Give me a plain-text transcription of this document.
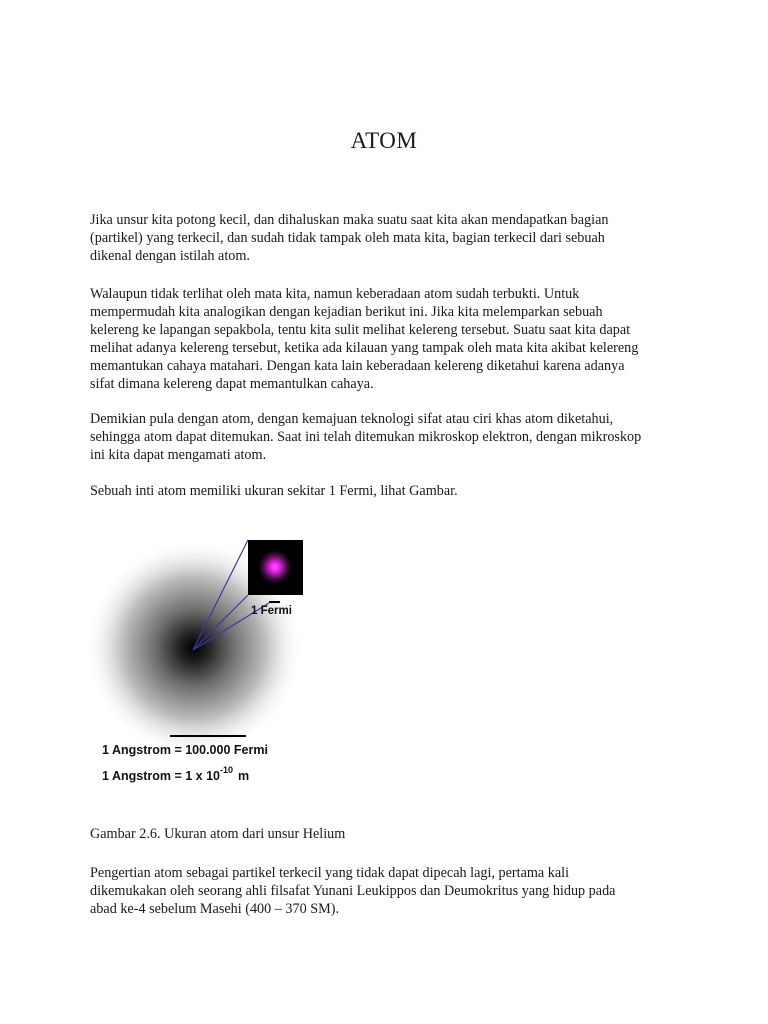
ATOM

Jika unsur kita potong kecil, dan dihaluskan maka suatu saat kita akan mendapatkan bagian
(partikel) yang terkecil, dan sudah tidak tampak oleh mata kita, bagian terkecil dari sebuah
dikenal dengan istilah atom.

Walaupun tidak terlihat oleh mata kita, namun keberadaan atom sudah terbukti. Untuk
mempermudah kita analogikan dengan kejadian berikut ini. Jika kita melemparkan sebuah
kelereng ke lapangan sepakbola, tentu kita sulit melihat kelereng tersebut. Suatu saat kita dapat
melihat adanya kelereng tersebut, ketika ada kilauan yang tampak oleh mata kita akibat kelereng
memantukan cahaya matahari. Dengan kata lain keberadaan kelereng diketahui karena adanya
sifat dimana kelereng dapat memantulkan cahaya.

Demikian pula dengan atom, dengan kemajuan teknologi sifat atau ciri khas atom diketahui,
sehingga atom dapat ditemukan. Saat ini telah ditemukan mikroskop elektron, dengan mikroskop
ini kita dapat mengamati atom.

Sebuah inti atom memiliki ukuran sekitar 1 Fermi, lihat Gambar.

1 Fermi
1 Angstrom = 100.000 Fermi
1 Angstrom = 1 x $10^{-10}$ m

Gambar 2.6. Ukuran atom dari unsur Helium

Pengertian atom sebagai partikel terkecil yang tidak dapat dipecah lagi, pertama kali
dikemukakan oleh seorang ahli filsafat Yunani Leukippos dan Deumokritus yang hidup pada
abad ke-4 sebelum Masehi (400 – 370 SM).
